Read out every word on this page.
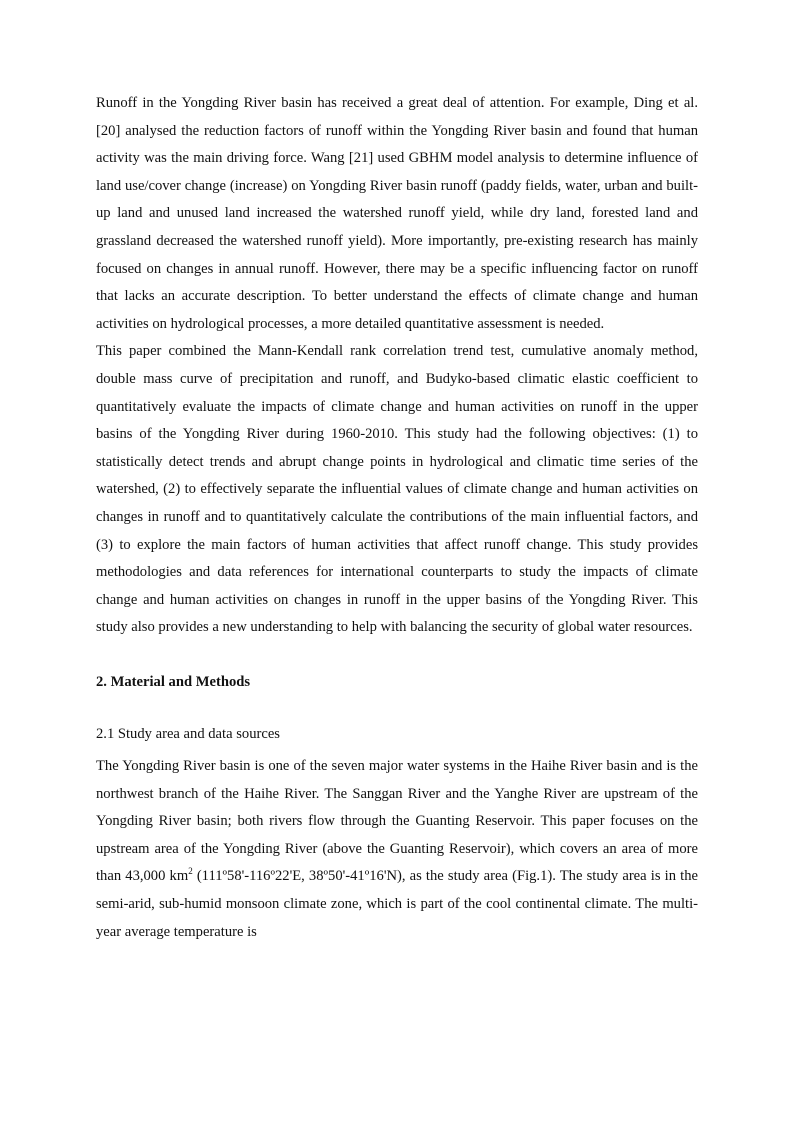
Runoff in the Yongding River basin has received a great deal of attention. For example, Ding et al. [20] analysed the reduction factors of runoff within the Yongding River basin and found that human activity was the main driving force. Wang [21] used GBHM model analysis to determine influence of land use/cover change (increase) on Yongding River basin runoff (paddy fields, water, urban and built-up land and unused land increased the watershed runoff yield, while dry land, forested land and grassland decreased the watershed runoff yield). More importantly, pre-existing research has mainly focused on changes in annual runoff. However, there may be a specific influencing factor on runoff that lacks an accurate description. To better understand the effects of climate change and human activities on hydrological processes, a more detailed quantitative assessment is needed.

This paper combined the Mann-Kendall rank correlation trend test, cumulative anomaly method, double mass curve of precipitation and runoff, and Budyko-based climatic elastic coefficient to quantitatively evaluate the impacts of climate change and human activities on runoff in the upper basins of the Yongding River during 1960-2010. This study had the following objectives: (1) to statistically detect trends and abrupt change points in hydrological and climatic time series of the watershed, (2) to effectively separate the influential values of climate change and human activities on changes in runoff and to quantitatively calculate the contributions of the main influential factors, and (3) to explore the main factors of human activities that affect runoff change. This study provides methodologies and data references for international counterparts to study the impacts of climate change and human activities on changes in runoff in the upper basins of the Yongding River. This study also provides a new understanding to help with balancing the security of global water resources.

2. Material and Methods
2.1 Study area and data sources

The Yongding River basin is one of the seven major water systems in the Haihe River basin and is the northwest branch of the Haihe River. The Sanggan River and the Yanghe River are upstream of the Yongding River basin; both rivers flow through the Guanting Reservoir. This paper focuses on the upstream area of the Yongding River (above the Guanting Reservoir), which covers an area of more than 43,000 $km^2$ (111º58'-116º22'E, 38º50'-41º16'N), as the study area (Fig.1). The study area is in the semi-arid, sub-humid monsoon climate zone, which is part of the cool continental climate. The multi-year average temperature is
